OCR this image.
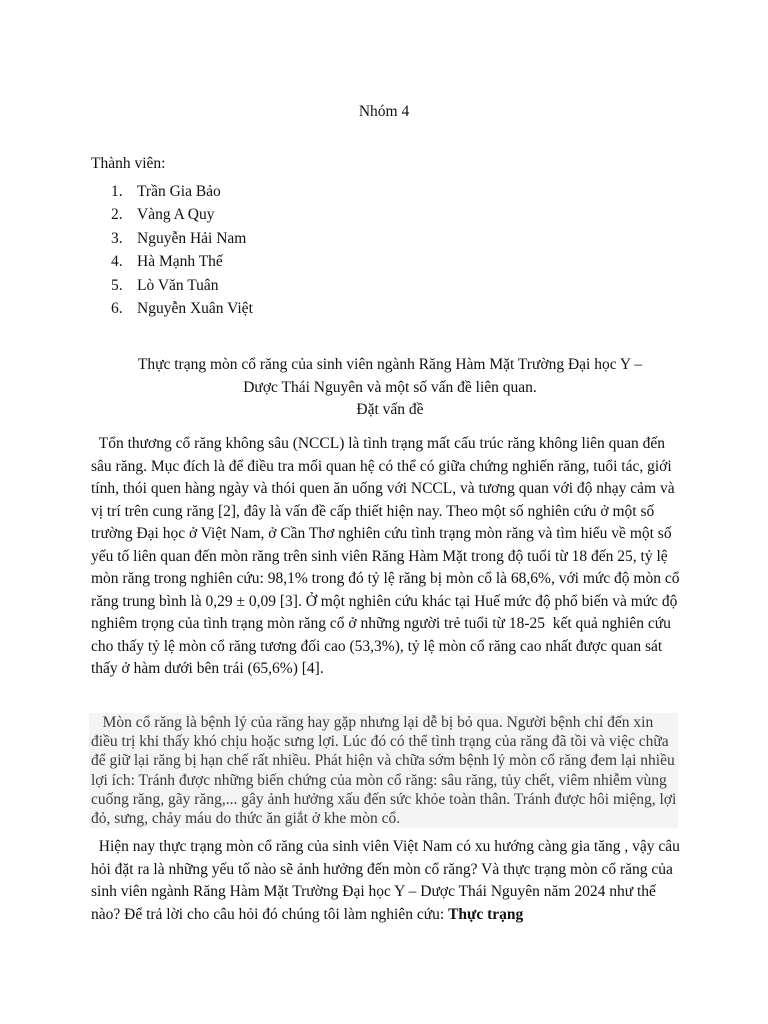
Nhóm 4
Thành viên:
1. Trần Gia Bảo
2. Vàng A Quy
3. Nguyễn Hải Nam
4. Hà Mạnh Thế
5. Lò Văn Tuân
6. Nguyễn Xuân Việt
Thực trạng mòn cổ răng của sinh viên ngành Răng Hàm Mặt Trường Đại học Y –
Dược Thái Nguyên và một số vấn đề liên quan.
Đặt vấn đề
Tổn thương cổ răng không sâu (NCCL) là tình trạng mất cấu trúc răng không liên quan đến sâu răng. Mục đích là để điều tra mối quan hệ có thể có giữa chứng nghiến răng, tuổi tác, giới tính, thói quen hàng ngày và thói quen ăn uống với NCCL, và tương quan với độ nhạy cảm và vị trí trên cung răng [2], đây là vấn đề cấp thiết hiện nay. Theo một số nghiên cứu ở một số trường Đại học ở Việt Nam, ở Cần Thơ nghiên cứu tình trạng mòn răng và tìm hiểu về một số yếu tố liên quan đến mòn răng trên sinh viên Răng Hàm Mặt trong độ tuổi từ 18 đến 25, tỷ lệ mòn răng trong nghiên cứu: 98,1% trong đó tỷ lệ răng bị mòn cổ là 68,6%, với mức độ mòn cổ răng trung bình là 0,29 ± 0,09 [3]. Ở một nghiên cứu khác tại Huế mức độ phổ biến và mức độ nghiêm trọng của tình trạng mòn răng cổ ở những người trẻ tuổi từ 18-25  kết quả nghiên cứu cho thấy tỷ lệ mòn cổ răng tương đối cao (53,3%), tỷ lệ mòn cổ răng cao nhất được quan sát thấy ở hàm dưới bên trái (65,6%) [4].
Mòn cổ răng là bệnh lý của răng hay gặp nhưng lại dễ bị bỏ qua. Người bệnh chỉ đến xin điều trị khi thấy khó chịu hoặc sưng lợi. Lúc đó có thể tình trạng của răng đã tồi và việc chữa để giữ lại răng bị hạn chế rất nhiều. Phát hiện và chữa sớm bệnh lý mòn cổ răng đem lại nhiều lợi ích: Tránh được những biến chứng của mòn cổ răng: sâu răng, tủy chết, viêm nhiễm vùng cuống răng, gãy răng,... gây ảnh hưởng xấu đến sức khỏe toàn thân. Tránh được hôi miệng, lợi đỏ, sưng, chảy máu do thức ăn giắt ở khe mòn cổ.
Hiện nay thực trạng mòn cổ răng của sinh viên Việt Nam có xu hướng càng gia tăng , vậy câu hỏi đặt ra là những yếu tố nào sẽ ảnh hưởng đến mòn cổ răng? Và thực trạng mòn cổ răng của sinh viên ngành Răng Hàm Mặt Trường Đại học Y – Dược Thái Nguyên năm 2024 như thế nào? Để trả lời cho câu hỏi đó chúng tôi làm nghiên cứu: Thực trạng
